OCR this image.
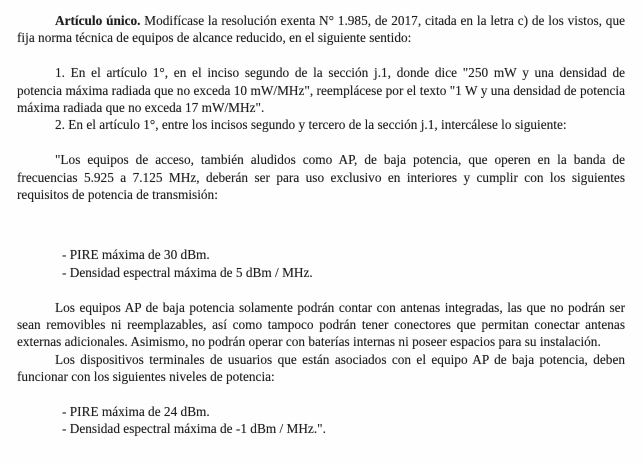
Artículo único. Modifícase la resolución exenta N° 1.985, de 2017, citada en la letra c) de los vistos, que fija norma técnica de equipos de alcance reducido, en el siguiente sentido:

1. En el artículo 1°, en el inciso segundo de la sección j.1, donde dice "250 mW y una densidad de potencia máxima radiada que no exceda 10 mW/MHz", reemplácese por el texto "1 W y una densidad de potencia máxima radiada que no exceda 17 mW/MHz".

2. En el artículo 1°, entre los incisos segundo y tercero de la sección j.1, intercálese lo siguiente:

"Los equipos de acceso, también aludidos como AP, de baja potencia, que operen en la banda de frecuencias 5.925 a 7.125 MHz, deberán ser para uso exclusivo en interiores y cumplir con los siguientes requisitos de potencia de transmisión:

- PIRE máxima de 30 dBm.

- Densidad espectral máxima de 5 dBm / MHz.

Los equipos AP de baja potencia solamente podrán contar con antenas integradas, las que no podrán ser sean removibles ni reemplazables, así como tampoco podrán tener conectores que permitan conectar antenas externas adicionales. Asimismo, no podrán operar con baterías internas ni poseer espacios para su instalación.

Los dispositivos terminales de usuarios que están asociados con el equipo AP de baja potencia, deben funcionar con los siguientes niveles de potencia:

- PIRE máxima de 24 dBm.

- Densidad espectral máxima de -1 dBm / MHz.".
